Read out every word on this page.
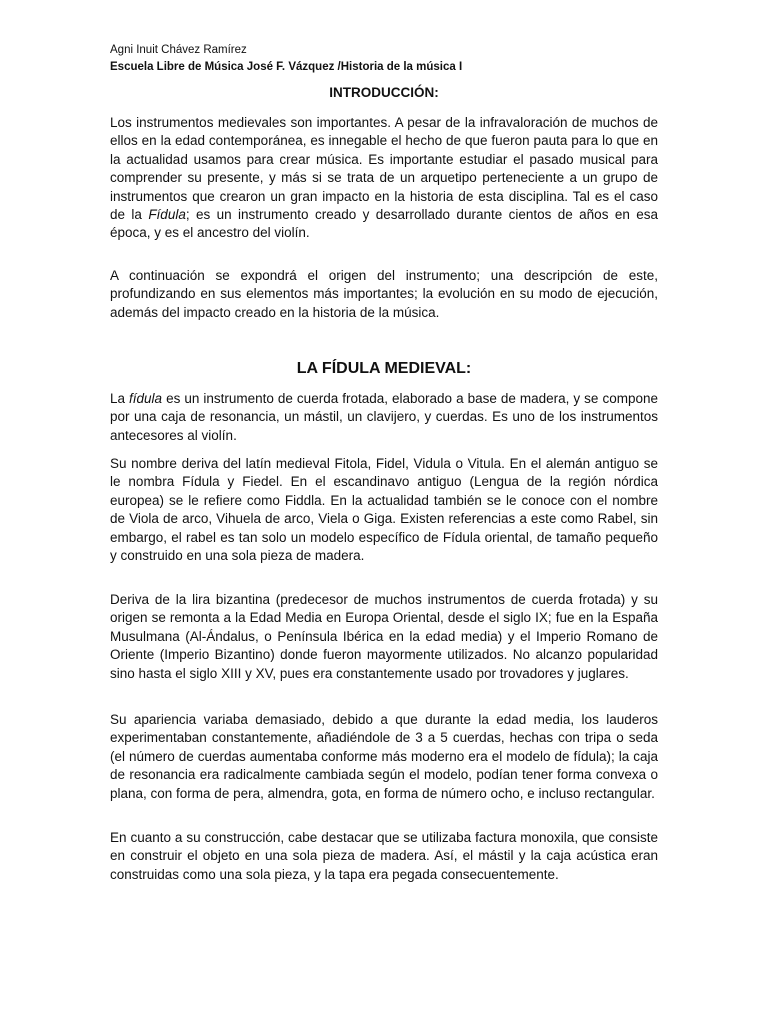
Agni Inuit Chávez Ramírez
Escuela Libre de Música José F. Vázquez /Historia de la música I
INTRODUCCIÓN:

Los instrumentos medievales son importantes. A pesar de la infravaloración de muchos de ellos en la edad contemporánea, es innegable el hecho de que fueron pauta para lo que en la actualidad usamos para crear música. Es importante estudiar el pasado musical para comprender su presente, y más si se trata de un arquetipo perteneciente a un grupo de instrumentos que crearon un gran impacto en la historia de esta disciplina. Tal es el caso de la Fídula; es un instrumento creado y desarrollado durante cientos de años en esa época, y es el ancestro del violín.

A continuación se expondrá el origen del instrumento; una descripción de este, profundizando en sus elementos más importantes; la evolución en su modo de ejecución, además del impacto creado en la historia de la música.

LA FÍDULA MEDIEVAL:

La fídula es un instrumento de cuerda frotada, elaborado a base de madera, y se compone por una caja de resonancia, un mástil, un clavijero, y cuerdas. Es uno de los instrumentos antecesores al violín.

Su nombre deriva del latín medieval Fitola, Fidel, Vidula o Vitula. En el alemán antiguo se le nombra Fídula y Fiedel. En el escandinavo antiguo (Lengua de la región nórdica europea) se le refiere como Fiddla. En la actualidad también se le conoce con el nombre de Viola de arco, Vihuela de arco, Viela o Giga. Existen referencias a este como Rabel, sin embargo, el rabel es tan solo un modelo específico de Fídula oriental, de tamaño pequeño y construido en una sola pieza de madera.

Deriva de la lira bizantina (predecesor de muchos instrumentos de cuerda frotada) y su origen se remonta a la Edad Media en Europa Oriental, desde el siglo IX; fue en la España Musulmana (Al-Ándalus, o Península Ibérica en la edad media) y el Imperio Romano de Oriente (Imperio Bizantino) donde fueron mayormente utilizados. No alcanzo popularidad sino hasta el siglo XIII y XV, pues era constantemente usado por trovadores y juglares.

Su apariencia variaba demasiado, debido a que durante la edad media, los lauderos experimentaban constantemente, añadiéndole de 3 a 5 cuerdas, hechas con tripa o seda (el número de cuerdas aumentaba conforme más moderno era el modelo de fídula); la caja de resonancia era radicalmente cambiada según el modelo, podían tener forma convexa o plana, con forma de pera, almendra, gota, en forma de número ocho, e incluso rectangular.

En cuanto a su construcción, cabe destacar que se utilizaba factura monoxila, que consiste en construir el objeto en una sola pieza de madera. Así, el mástil y la caja acústica eran construidas como una sola pieza, y la tapa era pegada consecuentemente.
